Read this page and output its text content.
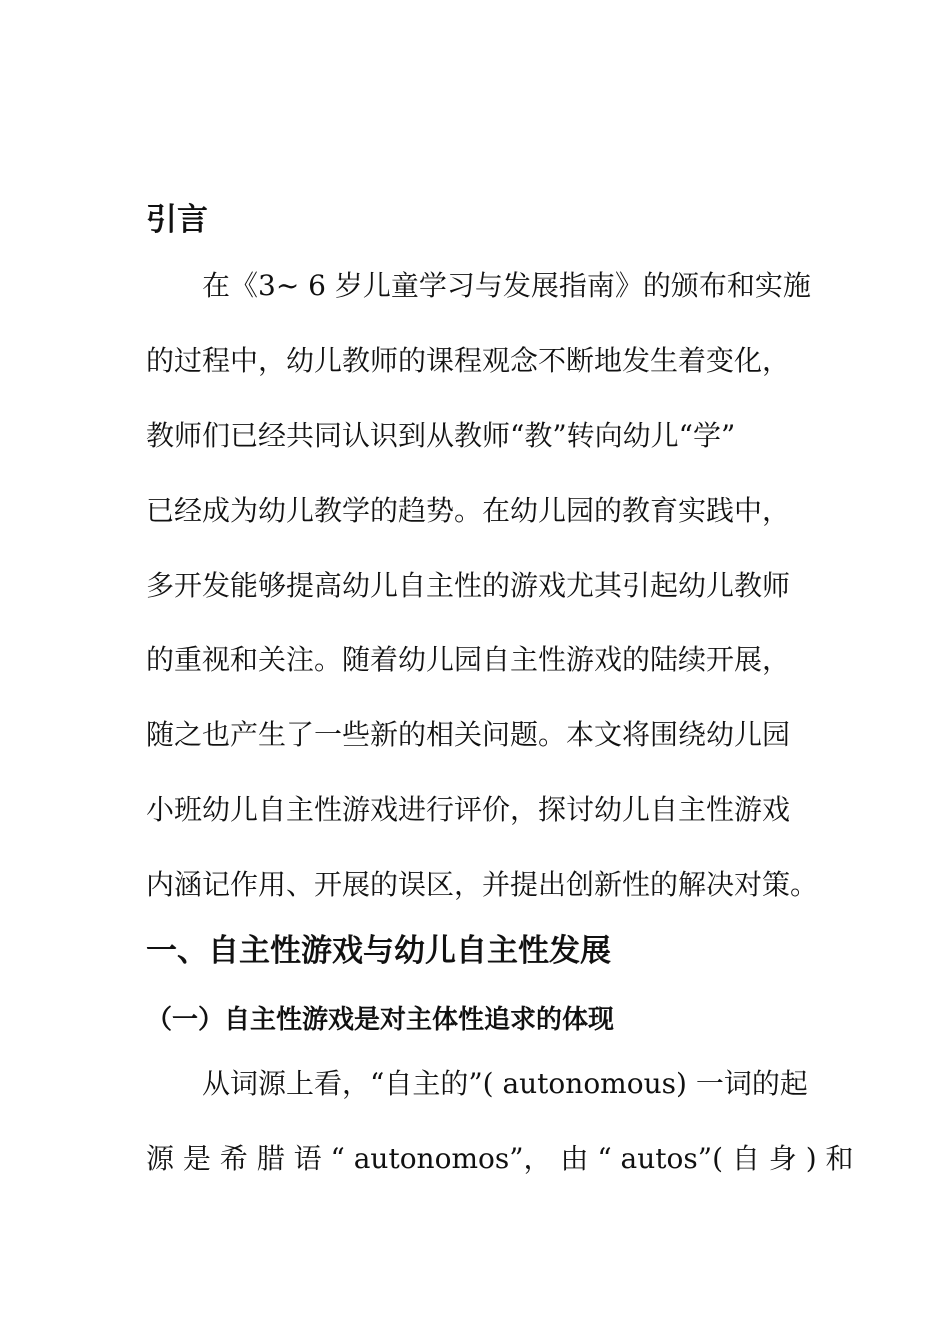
引言
在《3~ 6 岁儿童学习与发展指南》的颁布和实施
的过程中，幼儿教师的课程观念不断地发生着变化，
教师们已经共同认识到从教师“教”转向幼儿“学”
已经成为幼儿教学的趋势。在幼儿园的教育实践中，
多开发能够提高幼儿自主性的游戏尤其引起幼儿教师
的重视和关注。随着幼儿园自主性游戏的陆续开展，
随之也产生了一些新的相关问题。本文将围绕幼儿园
小班幼儿自主性游戏进行评价，探讨幼儿自主性游戏
内涵记作用、开展的误区，并提出创新性的解决对策。
一、自主性游戏与幼儿自主性发展
（一）自主性游戏是对主体性追求的体现
从词源上看，“自主的”( autonomous) 一词的起
源 是 希 腊 语 “ autonomos”， 由 “ autos”( 自 身 ) 和
